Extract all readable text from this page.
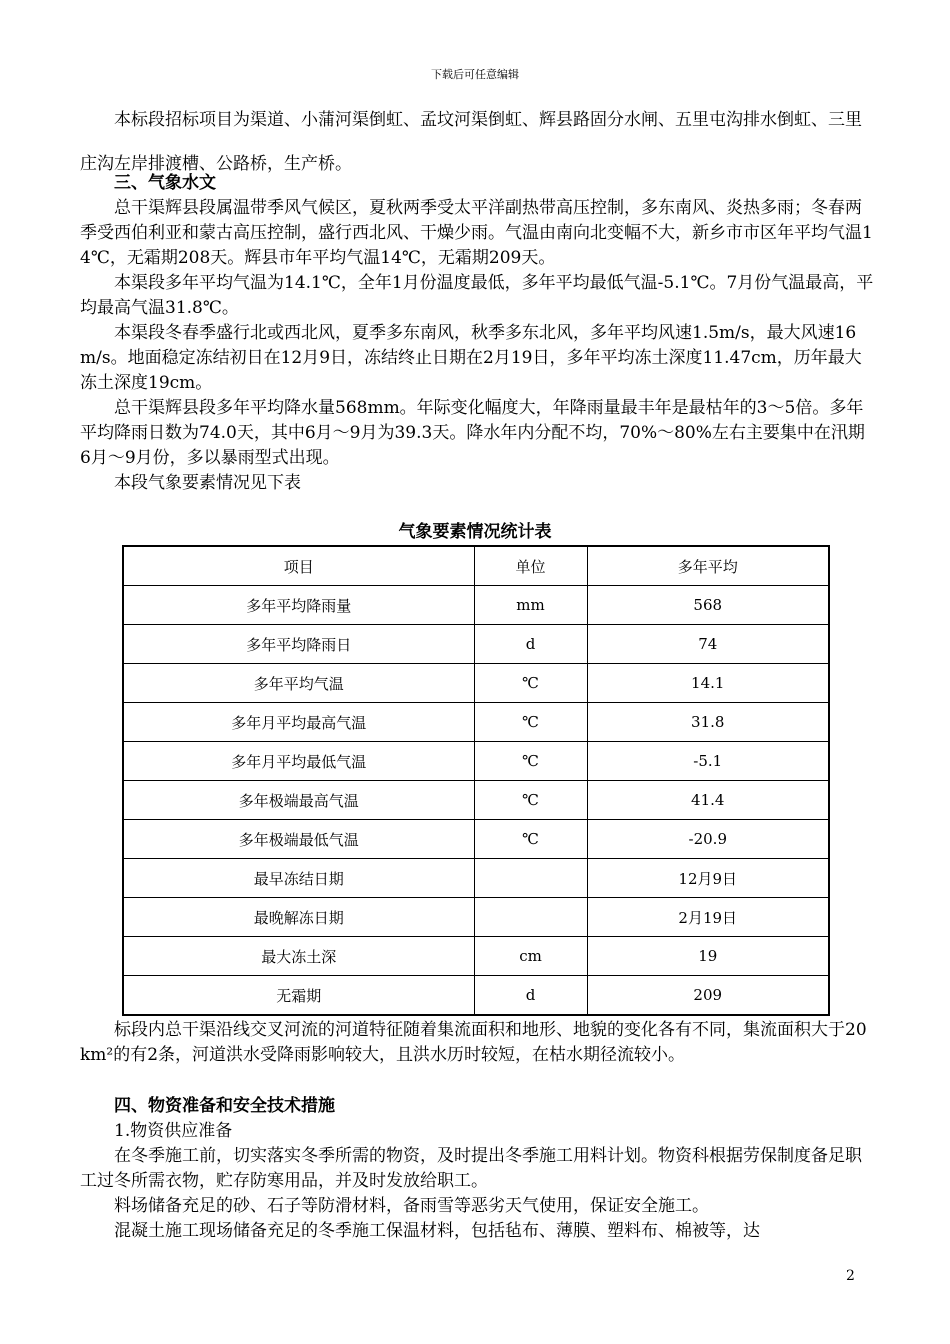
下载后可任意编辑

本标段招标项目为渠道、小蒲河渠倒虹、孟坟河渠倒虹、辉县路固分水闸、五里屯沟排水倒虹、三里庄沟左岸排渡槽、公路桥，生产桥。

三、气象水文

总干渠辉县段属温带季风气候区，夏秋两季受太平洋副热带高压控制，多东南风、炎热多雨；冬春两季受西伯利亚和蒙古高压控制，盛行西北风、干燥少雨。气温由南向北变幅不大，新乡市市区年平均气温14℃，无霜期208天。辉县市年平均气温14℃，无霜期209天。

本渠段多年平均气温为14.1℃，全年1月份温度最低，多年平均最低气温-5.1℃。7月份气温最高，平均最高气温31.8℃。

本渠段冬春季盛行北或西北风，夏季多东南风，秋季多东北风，多年平均风速1.5m/s，最大风速16m/s。地面稳定冻结初日在12月9日，冻结终止日期在2月19日，多年平均冻土深度11.47cm，历年最大冻土深度19cm。

总干渠辉县段多年平均降水量568mm。年际变化幅度大，年降雨量最丰年是最枯年的3～5倍。多年平均降雨日数为74.0天，其中6月～9月为39.3天。降水年内分配不均，70%～80%左右主要集中在汛期6月～9月份，多以暴雨型式出现。

本段气象要素情况见下表

气象要素情况统计表
项目	单位	多年平均
多年平均降雨量	mm	568
多年平均降雨日	d	74
多年平均气温	℃	14.1
多年月平均最高气温	℃	31.8
多年月平均最低气温	℃	-5.1
多年极端最高气温	℃	41.4
多年极端最低气温	℃	-20.9
最早冻结日期		12月9日
最晚解冻日期		2月19日
最大冻土深	cm	19
无霜期	d	209

标段内总干渠沿线交叉河流的河道特征随着集流面积和地形、地貌的变化各有不同，集流面积大于20km²的有2条，河道洪水受降雨影响较大，且洪水历时较短，在枯水期径流较小。

四、物资准备和安全技术措施

1.物资供应准备

在冬季施工前，切实落实冬季所需的物资，及时提出冬季施工用料计划。物资科根据劳保制度备足职工过冬所需衣物，贮存防寒用品，并及时发放给职工。

料场储备充足的砂、石子等防滑材料，备雨雪等恶劣天气使用，保证安全施工。

混凝土施工现场储备充足的冬季施工保温材料，包括毡布、薄膜、塑料布、棉被等，达

2
